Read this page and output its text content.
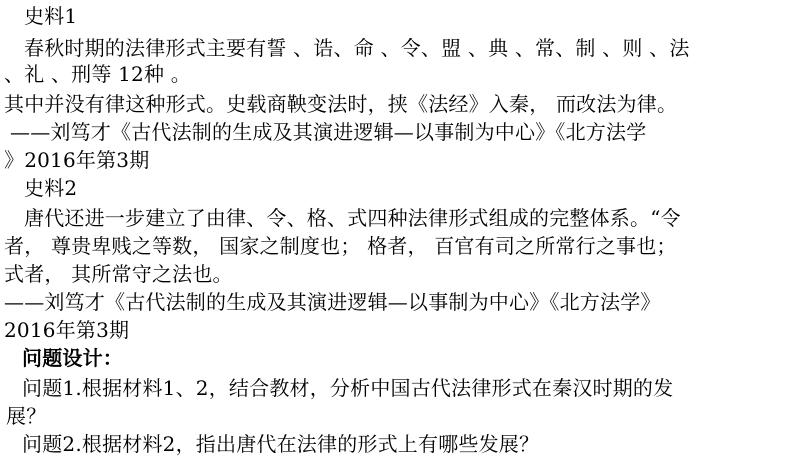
史料1
春秋时期的法律形式主要有誓 、诰、命 、令、盟 、典 、常、制 、则 、法
、礼 、刑等 12种 。
其中并没有律这种形式。史载商鞅变法时，挟《法经》入秦， 而改法为律。
——刘笃才《古代法制的生成及其演进逻辑—以事制为中心》《北方法学
》2016年第3期
史料2
唐代还进一步建立了由律、令、格、式四种法律形式组成的完整体系。“令
者， 尊贵卑贱之等数， 国家之制度也； 格者， 百官有司之所常行之事也；
式者， 其所常守之法也。
——刘笃才《古代法制的生成及其演进逻辑—以事制为中心》《北方法学》
2016年第3期
问题设计：
问题1.根据材料1、2，结合教材，分析中国古代法律形式在秦汉时期的发
展？
问题2.根据材料2，指出唐代在法律的形式上有哪些发展？
